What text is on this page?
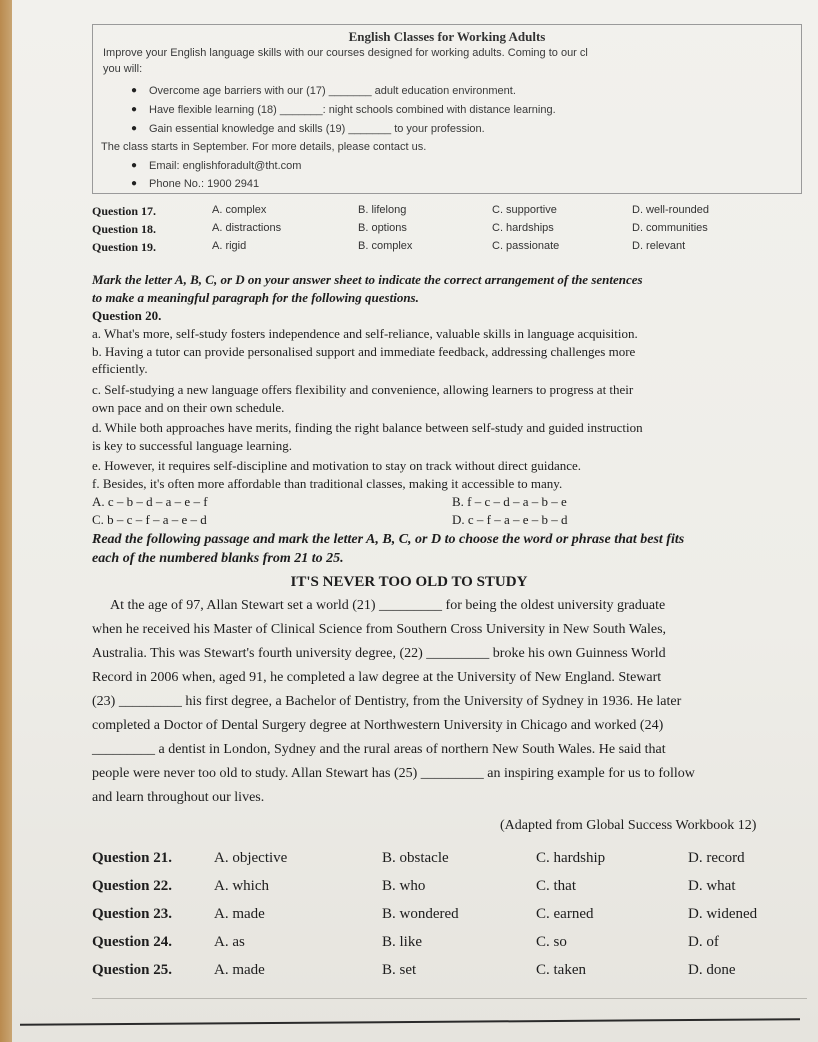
English Classes for Working Adults
Improve your English language skills with our courses designed for working adults. Coming to our cl
you will:
● Overcome age barriers with our (17) _______ adult education environment.
● Have flexible learning (18) _______: night schools combined with distance learning.
● Gain essential knowledge and skills (19) _______ to your profession.
The class starts in September. For more details, please contact us.
● Email: englishforadult@tht.com
● Phone No.: 1900 2941
Question 17.	A. complex	B. lifelong	C. supportive	D. well-rounded
Question 18.	A. distractions	B. options	C. hardships	D. communities
Question 19.	A. rigid	B. complex	C. passionate	D. relevant
Mark the letter A, B, C, or D on your answer sheet to indicate the correct arrangement of the sentences
to make a meaningful paragraph for the following questions.
Question 20.
a. What's more, self-study fosters independence and self-reliance, valuable skills in language acquisition.
b. Having a tutor can provide personalised support and immediate feedback, addressing challenges more
efficiently.
c. Self-studying a new language offers flexibility and convenience, allowing learners to progress at their
own pace and on their own schedule.
d. While both approaches have merits, finding the right balance between self-study and guided instruction
is key to successful language learning.
e. However, it requires self-discipline and motivation to stay on track without direct guidance.
f. Besides, it's often more affordable than traditional classes, making it accessible to many.
A. c – b – d – a – e – f	B. f – c – d – a – b – e
C. b – c – f – a – e – d	D. c – f – a – e – b – d
Read the following passage and mark the letter A, B, C, or D to choose the word or phrase that best fits
each of the numbered blanks from 21 to 25.
IT'S NEVER TOO OLD TO STUDY
At the age of 97, Allan Stewart set a world (21) _________ for being the oldest university graduate
when he received his Master of Clinical Science from Southern Cross University in New South Wales,
Australia. This was Stewart's fourth university degree, (22) _________ broke his own Guinness World
Record in 2006 when, aged 91, he completed a law degree at the University of New England. Stewart
(23) _________ his first degree, a Bachelor of Dentistry, from the University of Sydney in 1936. He later
completed a Doctor of Dental Surgery degree at Northwestern University in Chicago and worked (24)
_________ a dentist in London, Sydney and the rural areas of northern New South Wales. He said that
people were never too old to study. Allan Stewart has (25) _________ an inspiring example for us to follow
and learn throughout our lives.
(Adapted from Global Success Workbook 12)
Question 21.	A. objective	B. obstacle	C. hardship	D. record
Question 22.	A. which	B. who	C. that	D. what
Question 23.	A. made	B. wondered	C. earned	D. widened
Question 24.	A. as	B. like	C. so	D. of
Question 25.	A. made	B. set	C. taken	D. done
